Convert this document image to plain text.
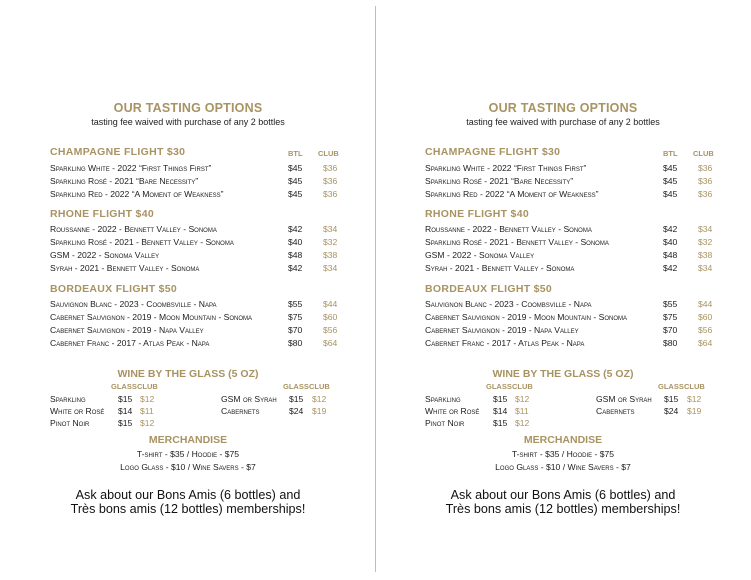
OUR TASTING OPTIONS
tasting fee waived with purchase of any 2 bottles
CHAMPAGNE FLIGHT $30	BTL CLUB
Sparkling White - 2022 “First Things First”	$45 $36
Sparkling Rosé - 2021 “Bare Necessity”	$45 $36
Sparkling Red - 2022 “A Moment of Weakness”	$45 $36
RHONE FLIGHT $40
Roussanne - 2022 - Bennett Valley - Sonoma	$42 $34
Sparkling Rosé - 2021 - Bennett Valley - Sonoma	$40 $32
GSM - 2022 - Sonoma Valley	$48 $38
Syrah - 2021 - Bennett Valley - Sonoma	$42 $34
BORDEAUX FLIGHT $50
Sauvignon Blanc - 2023 - Coombsville - Napa	$55 $44
Cabernet Sauvignon - 2019 - Moon Mountain - Sonoma	$75 $60
Cabernet Sauvignon - 2019 - Napa Valley	$70 $56
Cabernet Franc - 2017 - Atlas Peak - Napa	$80 $64
WINE BY THE GLASS (5 OZ)
GLASS CLUB	GLASS CLUB
Sparkling	$15 $12
White or Rosé $14 $11
Pinot Noir	$15 $12
GSM or Syrah $15 $12
Cabernets	$24 $19
MERCHANDISE
T-shirt - $35 / Hoodie - $75
Logo Glass - $10 / Wine Savers - $7
Ask about our Bons Amis (6 bottles) and
Très bons amis (12 bottles) memberships!
OUR TASTING OPTIONS
tasting fee waived with purchase of any 2 bottles
CHAMPAGNE FLIGHT $30	BTL CLUB
Sparkling White - 2022 “First Things First”	$45 $36
Sparkling Rosé - 2021 “Bare Necessity”	$45 $36
Sparkling Red - 2022 “A Moment of Weakness”	$45 $36
RHONE FLIGHT $40
Roussanne - 2022 - Bennett Valley - Sonoma	$42 $34
Sparkling Rosé - 2021 - Bennett Valley - Sonoma	$40 $32
GSM - 2022 - Sonoma Valley	$48 $38
Syrah - 2021 - Bennett Valley - Sonoma	$42 $34
BORDEAUX FLIGHT $50
Sauvignon Blanc - 2023 - Coombsville - Napa	$55 $44
Cabernet Sauvignon - 2019 - Moon Mountain - Sonoma	$75 $60
Cabernet Sauvignon - 2019 - Napa Valley	$70 $56
Cabernet Franc - 2017 - Atlas Peak - Napa	$80 $64
WINE BY THE GLASS (5 OZ)
GLASS CLUB	GLASS CLUB
Sparkling	$15 $12
White or Rosé $14 $11
Pinot Noir	$15 $12
GSM or Syrah $15 $12
Cabernets	$24 $19
MERCHANDISE
T-shirt - $35 / Hoodie - $75
Logo Glass - $10 / Wine Savers - $7
Ask about our Bons Amis (6 bottles) and
Très bons amis (12 bottles) memberships!
